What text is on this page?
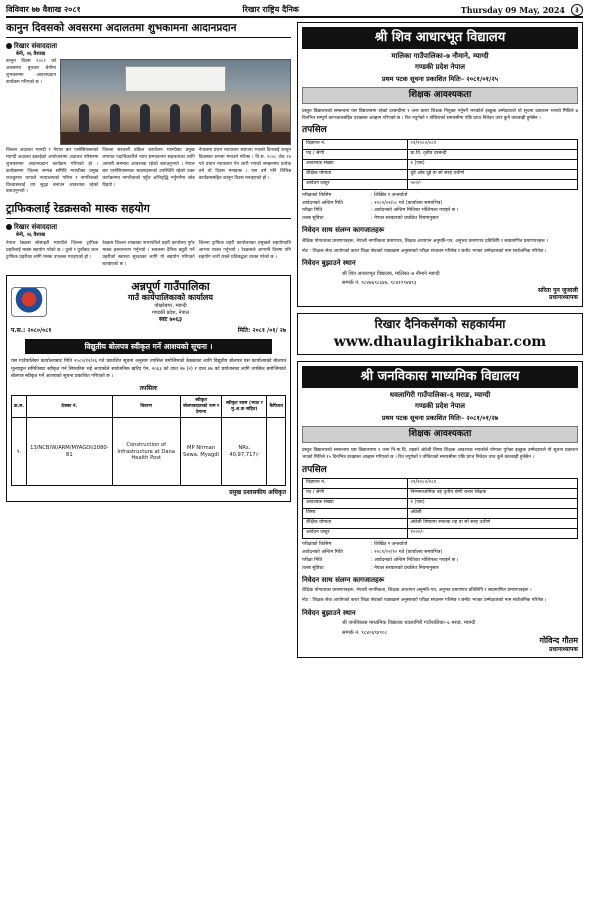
विविवार ७७ वैशाख २०८१	रिखार राष्ट्रिय दैनिक	Thursday 09 May, 2024	३
कानुन दिवसको अवसरमा अदालतमा शुभकामना आदानप्रदान
रिखार संवाददाता
बेनी, २६ वैशाख
कानुन दिवस २०८१ को अवसरमा बुधबार बेनीमा शुभकामना आदानप्रदान कार्यक्रम गरिएको छ ।
जिल्ला अदालत म्याग्दी र नेपाल बार एसोसियसनको म्याग्दी अदालत इकाईको आयोजनामा अदालत परिसरमा शुभकामना आदानप्रदान कार्यक्रम गरिएको हो । कार्यक्रममा जिल्ला सम्पन्न समिति म्याग्दीका प्रमुख राजकुमार थापाले न्यायालयको गरिमा र नागरिकको विश्वासलाई थप सुदृढ बनाउन आवश्यक रहेको बताउनुभयो ।
जिल्ला सरकारी वकिल कार्यालय म्याग्दीका प्रमुख लगायत पदाधिकारीले न्याय सम्पादनमा सहजताका लागि आपसी समन्वय आवश्यक रहेको बताउनुभयो । नेपाल बार एसोसियसनका सदस्यहरूको उपस्थिति रहेको उक्त कार्यक्रममा नागरिकको पहुँच अभिवृद्धि गर्नुपर्नेमा जोड दिइयो ।
नेपालमा प्रथम न्यायालय स्थापना भएको दिनलाई कानुन दिवसका रूपमा मनाउने गरिन्छ । वि.सं. २००८ जेठ २४ गते प्रधान न्यायालय ऐन जारी भएको सम्झनामा प्रत्येक वर्ष यो दिवस मनाइन्छ । यस वर्ष पनि विभिन्न कार्यक्रमसहित कानुन दिवस मनाइएको हो ।
ट्राफिकलाई रेडक्रसको मास्क सहयोग
रिखार संवाददाता
बेनी, २६ वैशाख
नेपाल रेडक्रस सोसाइटी म्याग्दीले जिल्ला ट्राफिक प्रहरीलाई मास्क सहयोग गरेको छ । धुलो र धुवाँबाट बच्न ट्राफिक प्रहरीका लागि मास्क उपलब्ध गराइएको हो ।
रेडक्रस जिल्ला शाखाका सभापतिले प्रहरी कार्यालय पुगेर मास्क हस्तान्तरण गर्नुभयो । सडकमा दैनिक ड्युटी गर्ने प्रहरीको स्वास्थ्य सुरक्षाका लागि यो सहयोग गरिएको बताइएको छ ।
जिल्ला ट्राफिक प्रहरी कार्यालयका प्रमुखले सहयोगप्रति आभार व्यक्त गर्नुभयो । रेडक्रसले आगामी दिनमा पनि सहयोग जारी राख्ने प्रतिबद्धता व्यक्त गरेको छ ।
अन्नपूर्ण गाउँपालिका
गाउँ कार्यपालिकाको कार्यालय
पोखरेबगर, म्याग्दी
गण्डकी प्रदेश, नेपाल
स्वाः ७०६३
प.स.: २०८०/०८१	मिति: २०८१ /०१/ २७
विद्युतीय बोलपत्र स्वीकृत गर्ने आशयको सूचना ।

यस गाउँपालिका कार्यालयबाट मिति २०८०/१२/२६ गते प्रकाशित सूचना अनुसार तपसिल बमोजिमको ठेक्काका लागि विद्युतीय बोलपत्र यस कार्यालयको बोलपत्र मूल्याङ्कन समितिबाट स्वीकृत गर्न सिफारिस भई आएकोले सार्वजनिक खरिद ऐन, २०६३ को दफा २७ (२) र दफा ४७ को प्रयोजनका लागि तपसिल बमोजिमको बोलपत्र स्वीकृत गर्ने आशयको सूचना प्रकाशित गरिएको छ ।

तपसिलः
क्र.स.	ठेक्का नं.	विवरण	स्वीकृत बोलपत्रदाताको नाम र ठेगाना	स्वीकृत रकम (भ्याट र मु.अ.क सहित)	कैफियत
१.	13/NCB/W/ARM/MYAGDI/2080-81	Construction of Infrastructure at Dana Health Post	MP Nirman Sewa, Myagdi	NRs. 40,97,717/-	
प्रमुख प्रशासकीय अधिकृत
श्री शिव आधारभूत विद्यालय
मालिका गाउँपालिका–७ नौमाने, म्याग्दी
गण्डकी प्रदेश नेपाल
प्रथम पटक सूचना प्रकाशित मितिः– २०८१/०१/२५
शिक्षक आवश्यकता

प्रस्तुत विद्यालयको सम्बन्धमा यस विद्यालयमा रहेको दरबन्दीमा १ जना करार शिक्षक नियुक्त गर्नुपर्ने भएकोले इच्छुक उम्मेदवारले यो सूचना प्रकाशन भएको मितिले ७ दिनभित्र सम्पूर्ण कागजातसहित दरखास्त आव्हान गरिएको छ । रित नपुगेको र तोकिएको समयसीमा पछि प्राप्त निवेदन उपर कुनै कारबाही हुनेछैन ।

तपसिल
विज्ञापन नं.	०१/२०८०/०८१
पद / श्रेणी	प्रा.वि. तृतीय दरबन्दी
आवश्यक संख्या	१ (एक)
शैक्षिक योग्यता	दुवै ओड दुई वा सो सरह उत्तीर्ण
आवेदन दस्तुर	५००/-
परीक्षाको किसिम	: लिखित र अन्तर्वार्ता
आवेदनको अन्तिम मिति	: २०८१/०२/०८ गते (कार्यालय समयभित्र)
परीक्षा मिति	: आवेदनको अन्तिम मितिका भोलिपल्ट गराइने छ ।
तलब सुविधा	: नेपाल सरकारको प्रचलित नियमानुसार
निवेदन साथ संलग्न कागजातहरू
शैक्षिक योग्यताका प्रमाणपत्रहरू, नेपाली नागरिकता प्रमाणपत्र, शिक्षक अध्यापन अनुमति-पत्र, अनुभव प्रमाणपत्र प्रतिलिपि र स्वप्रमाणित प्रमाणपत्रहरू ।
नोट : शिक्षक सेवा आयोगको करार शिक्षा सेवाको पाठ्यक्रम अनुसारको परीक्षा संचालन गरिनेछ र छनौट भएका उम्मेदवारको नाम सार्वजनिक गरिनेछ ।
निवेदन बुझाउने स्थान
श्री शिव आधारभूत विद्यालय, मालिका–७ नौमाने म्याग्दी
सम्पर्क नं. ९८४७६९८६४७, ९८४१२९४७९३
सरिता पुन जुजाली
प्रधानाध्यापक
रिखार दैनिकसँगको सहकार्यमा
www.dhaulagirikhabar.com
श्री जनविकास माध्यमिक विद्यालय
धवलागिरी गाउँपालिका–६ मराङ, म्याग्दी
गण्डकी प्रदेश नेपाल
प्रथम पटक सूचना प्रकाशित मितिः– २०८१/०१/२७
शिक्षक आवश्यकता

प्रस्तुत विद्यालयको सम्बन्धमा यस विद्यालयमा १ जना नि.मा.वि. तहको अंग्रेजी विषय शिक्षक आवश्यक भएकोले योग्यता पुगेका इच्छुक उम्मेदवारले यो सूचना प्रकाशन भएको मितिले १५ दिनभित्र दरखास्त आव्हान गरिएको छ । रित नपुगेको र तोकिएको समयसीमा पछि प्राप्त निवेदन उपर कुनै कारबाही हुनेछैन ।

तपसिल
विज्ञापन नं.	०१/२०८०/०८१
पद / श्रेणी	निम्नमाध्यमिक तह तृतीय श्रेणी करार शिक्षक
आवश्यक संख्या	१ (एक)
विषय	अंग्रेजी
शैक्षिक योग्यता	अंग्रेजी विषयमा स्नातक तह वा सो सरह उत्तीर्ण
आवेदन दस्तुर	१०००/-
परीक्षाको किसिम	: लिखित र अन्तर्वार्ता
आवेदनको अन्तिम मिति	: २०८१/०२/१० गते (कार्यालय समयभित्र)
परीक्षा मिति	: आवेदनको अन्तिम मितिका भोलिपल्ट गराइने छ ।
तलब सुविधा	: नेपाल सरकारको प्रचलित नियमानुसार
निवेदन साथ संलग्न कागजातहरू
शैक्षिक योग्यताका प्रमाणपत्रहरू, नेपाली नागरिकता, शिक्षक अध्यापन अनुमति-पत्र, अनुभव प्रमाणपत्र प्रतिलिपि र स्वप्रमाणित प्रमाणपत्रहरू ।
नोट : शिक्षक सेवा आयोगको करार शिक्षा सेवाको पाठ्यक्रम अनुसारको परीक्षा संचालन गरिनेछ र छनौट भएका उम्मेदवारको नाम सार्वजनिक गरिनेछ ।
निवेदन बुझाउने स्थान
श्री जनविकास माध्यमिक विद्यालय धवलागिरी गाउँपालिका–६ मराङ, म्याग्दी
सम्पर्क नं. ९८४०६९४९०८
गोविन्द गौतम
प्रधानाध्यापक
